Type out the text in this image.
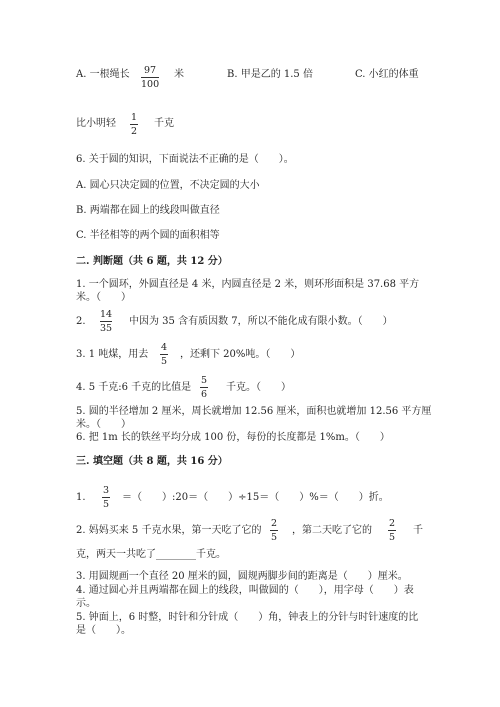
A. 一根绳长 97
100
米	B. 甲是乙的 1.5 倍	C. 小红的体重
比小明轻
1
2
千克
6. 关于圆的知识，下面说法不正确的是（　　）。
A. 圆心只决定圆的位置，不决定圆的大小
B. 两端都在圆上的线段叫做直径
C. 半径相等的两个圆的面积相等
二. 判断题（共 6 题，共 12 分）
1. 一个圆环，外圆直径是 4 米，内圆直径是 2 米，则环形面积是 37.68 平方
米。（　　）
2.
14
35
中因为 35 含有质因数 7，所以不能化成有限小数。（　　）
3. 1 吨煤，用去
4
5
，还剩下 20%吨。（　　）
4. 5 千克:6 千克的比值是
5
6
千克。（　　）
5. 圆的半径增加 2 厘米，周长就增加 12.56 厘米，面积也就增加 12.56 平方厘
米。（　　）
6. 把 1m 长的铁丝平均分成 100 份，每份的长度都是 1%m。（　　）
三. 填空题（共 8 题，共 16 分）
1.
3
5
＝（　　）:20＝（　　）÷15＝（　　）%＝（　　）折。
2. 妈妈买来 5 千克水果，第一天吃了它的
2
5
，第二天吃了它的
2
5
千
克，两天一共吃了________千克。
3. 用圆规画一个直径 20 厘米的圆，圆规两脚步间的距离是（　　）厘米。
4. 通过圆心并且两端都在圆上的线段，叫做圆的（　　），用字母（　　）表
示。
5. 钟面上，6 时整，时针和分针成（　　）角，钟表上的分针与时针速度的比
是（　　）。
